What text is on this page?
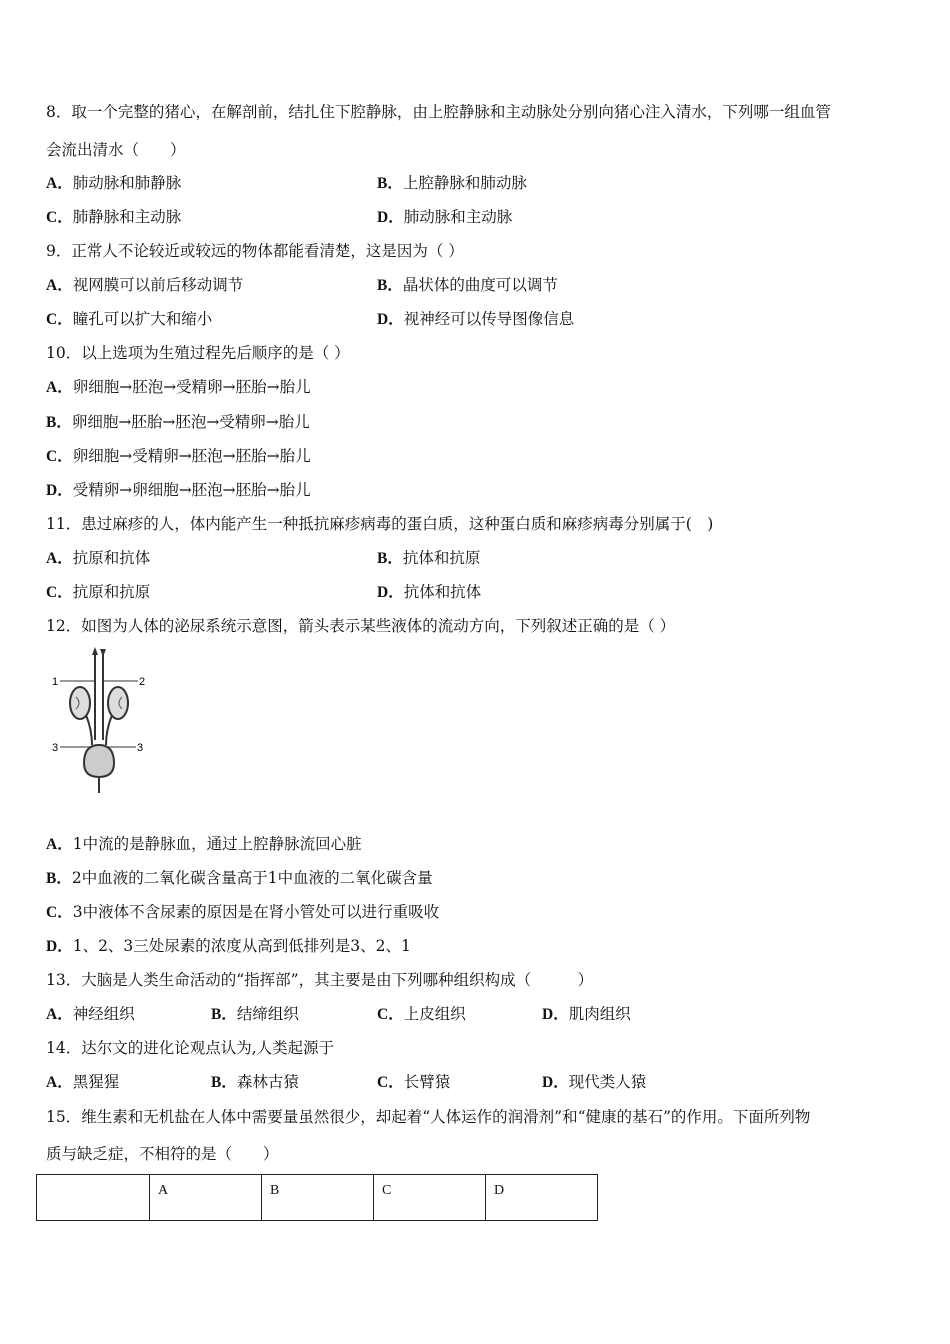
8．取一个完整的猪心，在解剖前，结扎住下腔静脉，由上腔静脉和主动脉处分别向猪心注入清水，下列哪一组血管
会流出清水（　　）
A．肺动脉和肺静脉	B．上腔静脉和肺动脉
C．肺静脉和主动脉	D．肺动脉和主动脉
9．正常人不论较近或较远的物体都能看清楚，这是因为（ ）
A．视网膜可以前后移动调节	B．晶状体的曲度可以调节
C．瞳孔可以扩大和缩小	D．视神经可以传导图像信息
10．以上选项为生殖过程先后顺序的是（ ）
A．卵细胞→胚泡→受精卵→胚胎→胎儿
B．卵细胞→胚胎→胚泡→受精卵→胎儿
C．卵细胞→受精卵→胚泡→胚胎→胎儿
D．受精卵→卵细胞→胚泡→胚胎→胎儿
11．患过麻疹的人，体内能产生一种抵抗麻疹病毒的蛋白质，这种蛋白质和麻疹病毒分别属于(　)
A．抗原和抗体	B．抗体和抗原
C．抗原和抗原	D．抗体和抗体
12．如图为人体的泌尿系统示意图，箭头表示某些液体的流动方向，下列叙述正确的是（ ）
1	2
3	3
A．1中流的是静脉血，通过上腔静脉流回心脏
B．2中血液的二氧化碳含量高于1中血液的二氧化碳含量
C．3中液体不含尿素的原因是在肾小管处可以进行重吸收
D．1、2、3三处尿素的浓度从高到低排列是3、2、1
13．大脑是人类生命活动的“指挥部”，其主要是由下列哪种组织构成（　　　）
A．神经组织	B．结缔组织	C．上皮组织	D．肌肉组织
14．达尔文的进化论观点认为,人类起源于
A．黑猩猩	B．森林古猿	C．长臂猿	D．现代类人猿
15．维生素和无机盐在人体中需要量虽然很少，却起着“人体运作的润滑剂”和“健康的基石”的作用。下面所列物
质与缺乏症，不相符的是（　　）
	A	B	C	D
